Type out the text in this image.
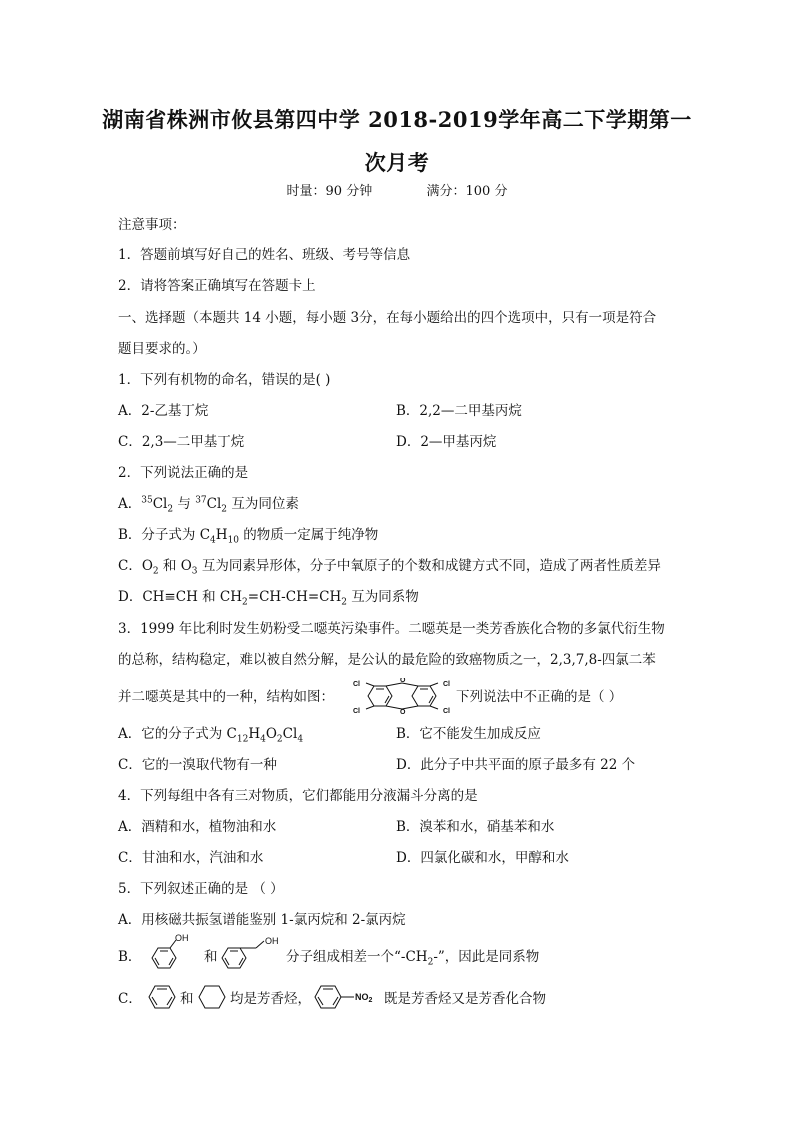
湖南省株洲市攸县第四中学 2018-2019学年高二下学期第一
次月考
时量：90 分钟	满分：100 分
注意事项：
1．答题前填写好自己的姓名、班级、考号等信息
2．请将答案正确填写在答题卡上
一、选择题（本题共 14 小题，每小题 3分，在每小题给出的四个选项中，只有一项是符合
题目要求的。）
1．下列有机物的命名，错误的是( )
A．2-乙基丁烷	B．2,2—二甲基丙烷
C．2,3—二甲基丁烷	D．2—甲基丙烷
2．下列说法正确的是
A．$^{35}Cl_2$ 与 $^{37}Cl_2$ 互为同位素
B．分子式为 $C_4H_{10}$ 的物质一定属于纯净物
C．$O_2$ 和 $O_3$ 互为同素异形体，分子中氧原子的个数和成键方式不同，造成了两者性质差异
D．CH≡CH 和 $CH_2=CH-CH=CH_2$ 互为同系物
3．1999 年比利时发生奶粉受二噁英污染事件。二噁英是一类芳香族化合物的多氯代衍生物
的总称，结构稳定，难以被自然分解，是公认的最危险的致癌物质之一，2,3,7,8-四氯二苯
并二噁英是其中的一种，结构如图：
O
O
Cl
Cl
Cl
Cl
下列说法中不正确的是（ ）
A．它的分子式为 $C_{12}H_4O_2Cl_4$	B．它不能发生加成反应
C．它的一溴取代物有一种	D．此分子中共平面的原子最多有 22 个
4．下列每组中各有三对物质，它们都能用分液漏斗分离的是
A．酒精和水，植物油和水	B．溴苯和水，硝基苯和水
C．甘油和水，汽油和水	D．四氯化碳和水，甲醇和水
5．下列叙述正确的是 （ ）
A．用核磁共振氢谱能鉴别 1-氯丙烷和 2-氯丙烷
B．
OH
和
OH
分子组成相差一个“$-CH_2-$”，因此是同系物
C．	和	均是芳香烃，	$NO_2$ 既是芳香烃又是芳香化合物
